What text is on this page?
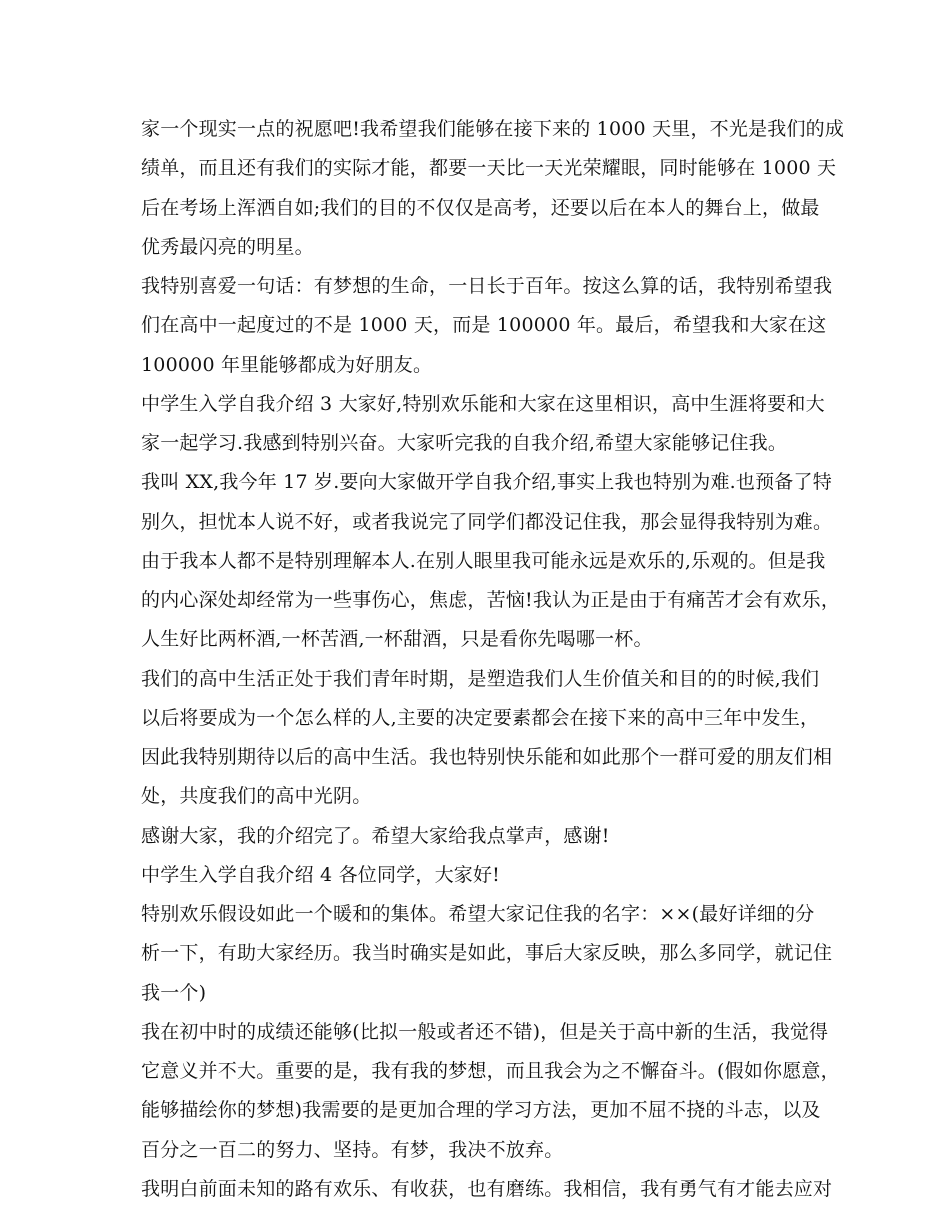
家一个现实一点的祝愿吧!我希望我们能够在接下来的 1000 天里，不光是我们的成
绩单，而且还有我们的实际才能，都要一天比一天光荣耀眼，同时能够在 1000 天
后在考场上浑洒自如;我们的目的不仅仅是高考，还要以后在本人的舞台上，做最
优秀最闪亮的明星。
我特别喜爱一句话：有梦想的生命，一日长于百年。按这么算的话，我特别希望我
们在高中一起度过的不是 1000 天，而是 100000 年。最后，希望我和大家在这
100000 年里能够都成为好朋友。
中学生入学自我介绍 3 大家好,特别欢乐能和大家在这里相识，高中生涯将要和大
家一起学习.我感到特别兴奋。大家听完我的自我介绍,希望大家能够记住我。
我叫 XX,我今年 17 岁.要向大家做开学自我介绍,事实上我也特别为难.也预备了特
别久，担忧本人说不好，或者我说完了同学们都没记住我，那会显得我特别为难。
由于我本人都不是特别理解本人.在别人眼里我可能永远是欢乐的,乐观的。但是我
的内心深处却经常为一些事伤心，焦虑，苦恼!我认为正是由于有痛苦才会有欢乐，
人生好比两杯酒,一杯苦酒,一杯甜酒，只是看你先喝哪一杯。
我们的高中生活正处于我们青年时期，是塑造我们人生价值关和目的的时候,我们
以后将要成为一个怎么样的人,主要的决定要素都会在接下来的高中三年中发生，
因此我特别期待以后的高中生活。我也特别快乐能和如此那个一群可爱的朋友们相
处，共度我们的高中光阴。
感谢大家，我的介绍完了。希望大家给我点掌声，感谢!
中学生入学自我介绍 4 各位同学，大家好!
特别欢乐假设如此一个暖和的集体。希望大家记住我的名字：××(最好详细的分
析一下，有助大家经历。我当时确实是如此，事后大家反映，那么多同学，就记住
我一个)
我在初中时的成绩还能够(比拟一般或者还不错)，但是关于高中新的生活，我觉得
它意义并不大。重要的是，我有我的梦想，而且我会为之不懈奋斗。(假如你愿意，
能够描绘你的梦想)我需要的是更加合理的学习方法，更加不屈不挠的斗志，以及
百分之一百二的努力、坚持。有梦，我决不放弃。
我明白前面未知的路有欢乐、有收获，也有磨练。我相信，我有勇气有才能去应对
